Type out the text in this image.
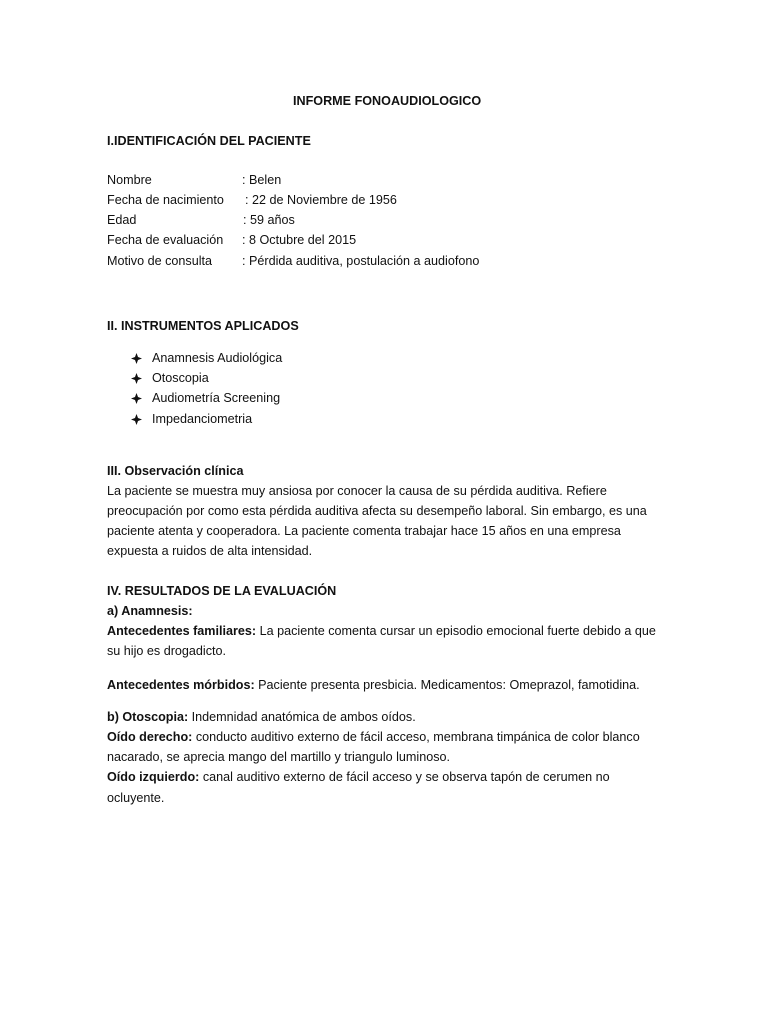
INFORME FONOAUDIOLOGICO
I.IDENTIFICACIÓN DEL PACIENTE
Nombre	: Belen
Fecha de nacimiento : 22 de Noviembre de 1956
Edad	: 59 años
Fecha de evaluación : 8 Octubre del 2015
Motivo de consulta : Pérdida auditiva, postulación a audiofono
II. INSTRUMENTOS APLICADOS
Anamnesis Audiológica
Otoscopia
Audiometría Screening
Impedanciometria
III. Observación clínica
La paciente se muestra muy ansiosa por conocer la causa de su pérdida auditiva. Refiere
preocupación por como esta pérdida auditiva afecta su desempeño laboral. Sin embargo, es una
paciente atenta y cooperadora. La paciente comenta trabajar hace 15 años en una empresa
expuesta a ruidos de alta intensidad.
IV. RESULTADOS DE LA EVALUACIÓN
a) Anamnesis:
Antecedentes familiares: La paciente comenta cursar un episodio emocional fuerte debido a que
su hijo es drogadicto.
Antecedentes mórbidos: Paciente presenta presbicia. Medicamentos: Omeprazol, famotidina.
b) Otoscopia: Indemnidad anatómica de ambos oídos.
Oído derecho: conducto auditivo externo de fácil acceso, membrana timpánica de color blanco
nacarado, se aprecia mango del martillo y triangulo luminoso.
Oído izquierdo: canal auditivo externo de fácil acceso y se observa tapón de cerumen no
ocluyente.
